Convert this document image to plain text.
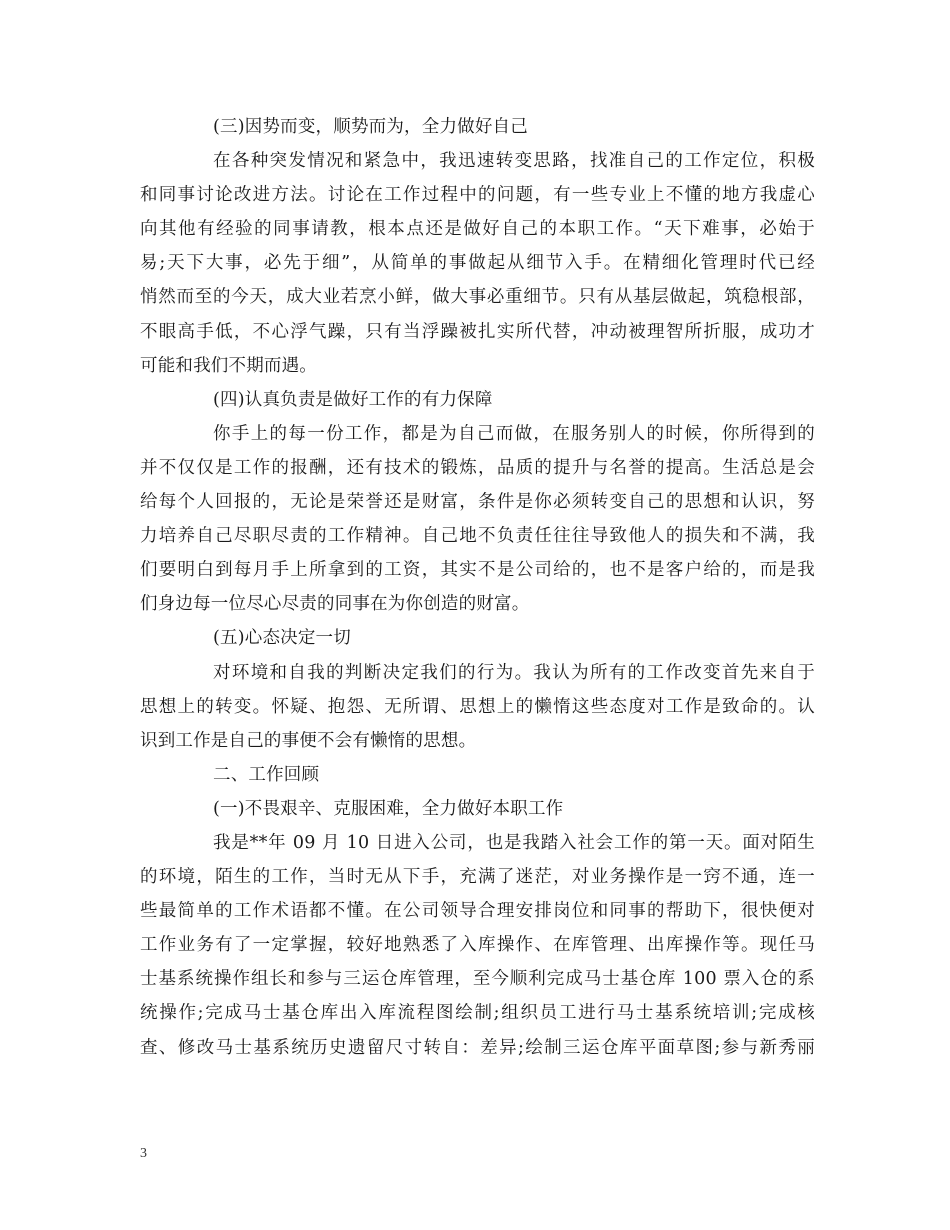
(三)因势而变，顺势而为，全力做好自己
在各种突发情况和紧急中，我迅速转变思路，找准自己的工作定位，积极
和同事讨论改进方法。讨论在工作过程中的问题，有一些专业上不懂的地方我虚心
向其他有经验的同事请教，根本点还是做好自己的本职工作。“天下难事，必始于
易;天下大事，必先于细”，从简单的事做起从细节入手。在精细化管理时代已经
悄然而至的今天，成大业若烹小鲜，做大事必重细节。只有从基层做起，筑稳根部，
不眼高手低，不心浮气躁，只有当浮躁被扎实所代替，冲动被理智所折服，成功才
可能和我们不期而遇。
(四)认真负责是做好工作的有力保障
你手上的每一份工作，都是为自己而做，在服务别人的时候，你所得到的
并不仅仅是工作的报酬，还有技术的锻炼，品质的提升与名誉的提高。生活总是会
给每个人回报的，无论是荣誉还是财富，条件是你必须转变自己的思想和认识，努
力培养自己尽职尽责的工作精神。自己地不负责任往往导致他人的损失和不满，我
们要明白到每月手上所拿到的工资，其实不是公司给的，也不是客户给的，而是我
们身边每一位尽心尽责的同事在为你创造的财富。
(五)心态决定一切
对环境和自我的判断决定我们的行为。我认为所有的工作改变首先来自于
思想上的转变。怀疑、抱怨、无所谓、思想上的懒惰这些态度对工作是致命的。认
识到工作是自己的事便不会有懒惰的思想。
二、工作回顾
(一)不畏艰辛、克服困难，全力做好本职工作
我是**年 09 月 10 日进入公司，也是我踏入社会工作的第一天。面对陌生
的环境，陌生的工作，当时无从下手，充满了迷茫，对业务操作是一窍不通，连一
些最简单的工作术语都不懂。在公司领导合理安排岗位和同事的帮助下，很快便对
工作业务有了一定掌握，较好地熟悉了入库操作、在库管理、出库操作等。现任马
士基系统操作组长和参与三运仓库管理，至今顺利完成马士基仓库 100 票入仓的系
统操作;完成马士基仓库出入库流程图绘制;组织员工进行马士基系统培训;完成核
查、修改马士基系统历史遗留尺寸转自：差异;绘制三运仓库平面草图;参与新秀丽
3
